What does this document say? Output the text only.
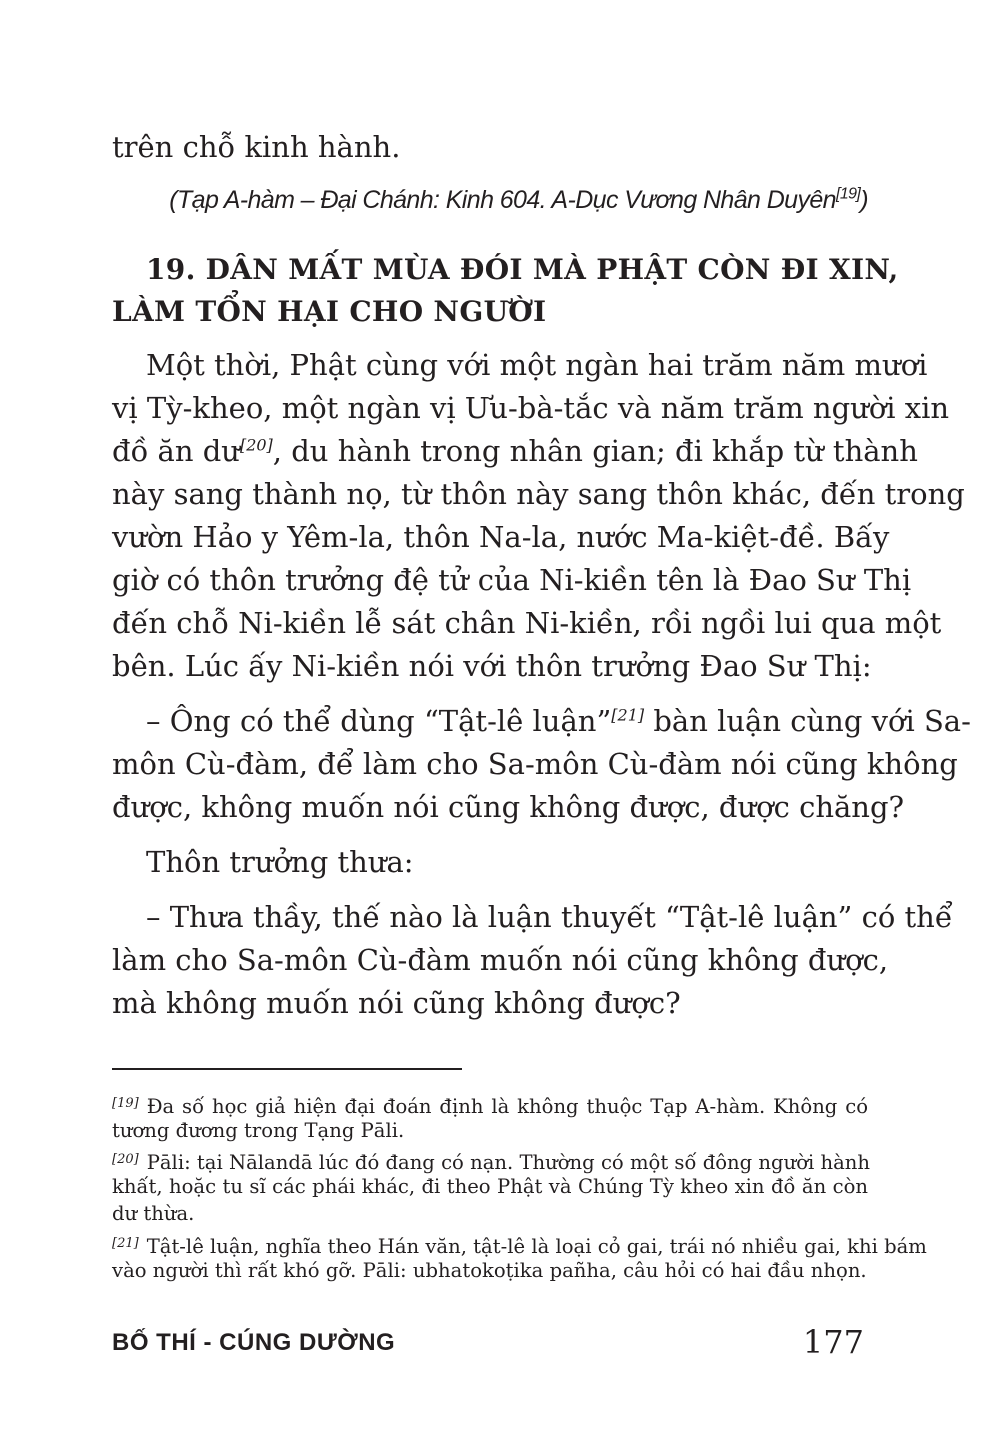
trên chỗ kinh hành.
(Tạp A-hàm – Đại Chánh: Kinh 604. A-Dục Vương Nhân Duyên[19])
19. DÂN MẤT MÙA ĐÓI MÀ PHẬT CÒN ĐI XIN,
LÀM TỔN HẠI CHO NGƯỜI
Một thời, Phật cùng với một ngàn hai trăm năm mươi
vị Tỳ-kheo, một ngàn vị Ưu-bà-tắc và năm trăm người xin
đồ ăn dư[20], du hành trong nhân gian; đi khắp từ thành
này sang thành nọ, từ thôn này sang thôn khác, đến trong
vườn Hảo y Yêm-la, thôn Na-la, nước Ma-kiệt-đề. Bấy
giờ có thôn trưởng đệ tử của Ni-kiền tên là Đao Sư Thị
đến chỗ Ni-kiền lễ sát chân Ni-kiền, rồi ngồi lui qua một
bên. Lúc ấy Ni-kiền nói với thôn trưởng Đao Sư Thị:
– Ông có thể dùng “Tật-lê luận”[21] bàn luận cùng với Sa-
môn Cù-đàm, để làm cho Sa-môn Cù-đàm nói cũng không
được, không muốn nói cũng không được, được chăng?
Thôn trưởng thưa:
– Thưa thầy, thế nào là luận thuyết “Tật-lê luận” có thể
làm cho Sa-môn Cù-đàm muốn nói cũng không được,
mà không muốn nói cũng không được?
[19] Đa số học giả hiện đại đoán định là không thuộc Tạp A-hàm. Không có
tương đương trong Tạng Pāli.
[20] Pāli: tại Nālandā lúc đó đang có nạn. Thường có một số đông người hành
khất, hoặc tu sĩ các phái khác, đi theo Phật và Chúng Tỳ kheo xin đồ ăn còn
dư thừa.
[21] Tật-lê luận, nghĩa theo Hán văn, tật-lê là loại cỏ gai, trái nó nhiều gai, khi bám
vào người thì rất khó gỡ. Pāli: ubhatokoṭika pañha, câu hỏi có hai đầu nhọn.
BỐ THÍ - CÚNG DƯỜNG	177
